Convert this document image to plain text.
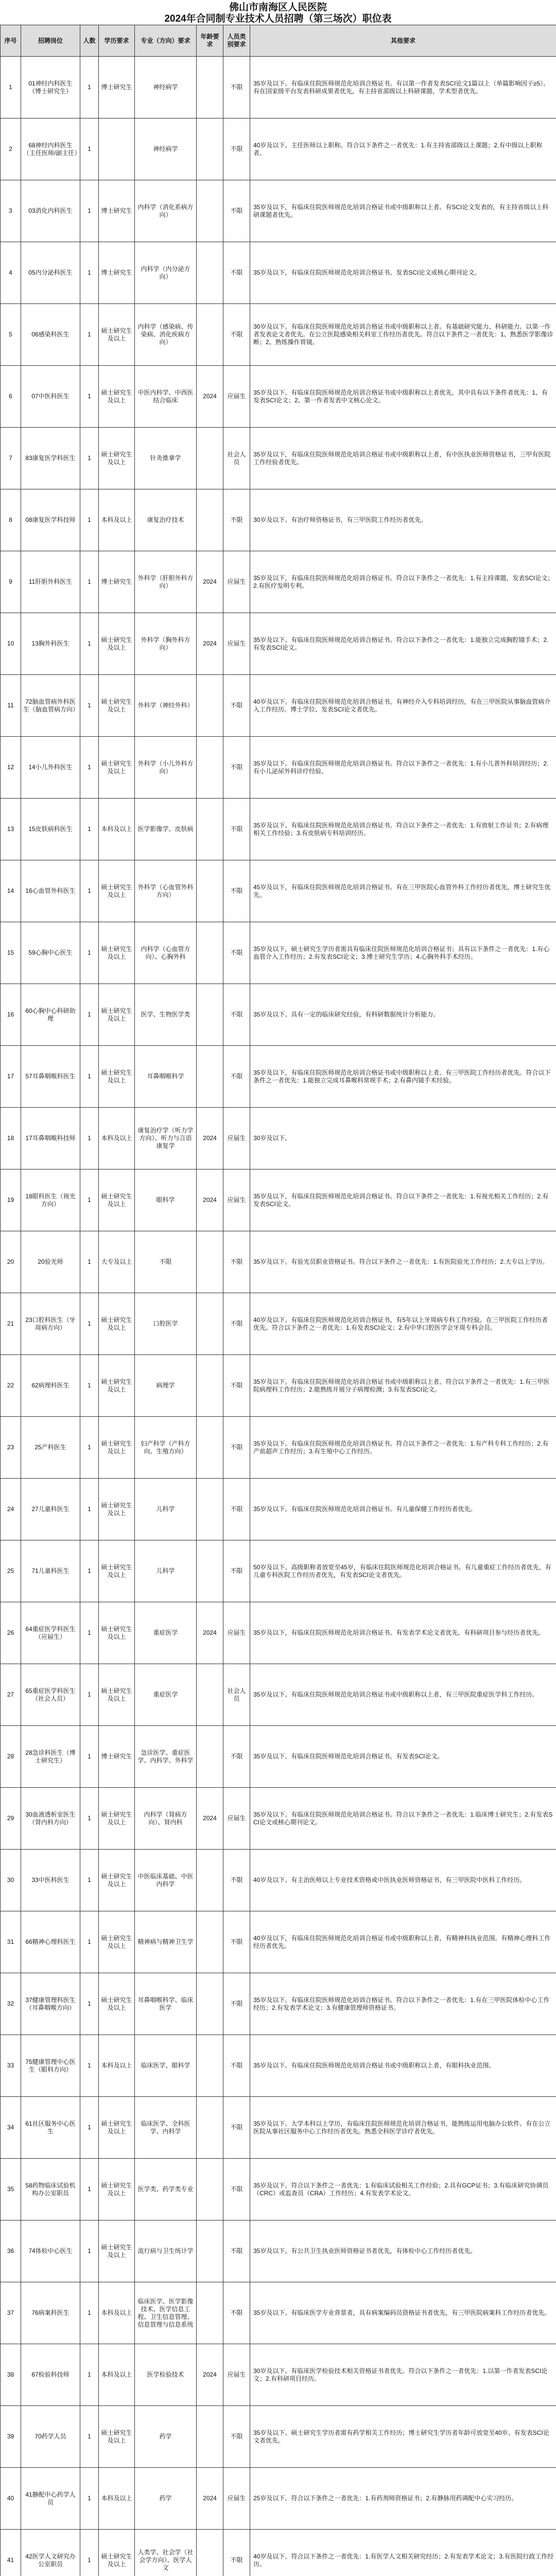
佛山市南海区人民医院
2024年合同制专业技术人员招聘（第三场次）职位表
序号	招聘岗位	人数	学历要求	专业（方向）要求	年龄要求	人员类别要求	其他要求
1	01神经内科医生（博士研究生）	1	博士研究生	神经病学		不限	35岁及以下。有临床住院医师规范化培训合格证书。有以第一作者发表SCI论文1篇以上（单篇影响因子≥5）。有在国家级平台发表科研成果者优先，有主持省部级以上科研课题，学术型者优先。
2	68神经内科医生（主任医师/副主任）	1		神经病学		不限	40岁及以下。主任医师以上职称。符合以下条件之一者优先：1.有主持省部级以上课题；2.有中级以上职称者。
3	03消化内科医生	1	博士研究生	内科学（消化系病方向）		不限	35岁及以下，有临床住院医师规范化培训合格证书或中级职称以上者。有SCI论文发表的，有主持省级以上科研课题者优先。
4	05内分泌科医生	1	博士研究生	内科学（内分泌方向）		不限	35岁及以下，有临床住院医师规范化培训合格证书。发表SCI论文或核心期刊论文。
5	06感染科医生	1	硕士研究生及以上	内科学（感染病、传染病、消化疾病方向）		不限	30岁及以下。有临床住院医师规范化培训合格证书或中级职称以上者。有基础研究能力、科研能力。以第一作者发表论文者优先。在公立医院感染相关科室工作经历者优先。符合以下条件之一者优先：1、熟悉医学影像诊断；2、熟练操作胃镜。
6	07中医科医生	1	硕士研究生及以上	中医内科学、中西医结合临床	2024	应届生	35岁及以下。有临床住院医师规范化培训合格证书或中级职称以上者优先，其中具有以下条件者优先：1、有发表SCI论文；2、第一作者发表中文核心论文。
7	83康复医学科医生	1	硕士研究生及以上	针灸推拿学		社会人员	35岁及以下，有临床住院医师规范化培训合格证书或中级职称以上者，有中医执业医师资格证书，三甲有医院工作经验者优先。
8	08康复医学科技师	1	本科及以上	康复治疗技术		不限	30岁及以下。有治疗师资格证书，有三甲医院工作经历者优先。
9	11肝胆外科医生	1	博士研究生	外科学（肝胆外科方向）	2024	应届生	35岁及以下，有临床住院医师规范化培训合格证书。符合以下条件之一者优先：1.有主持课题，发表SCI论文；2.有医疗发明专利。
10	13胸外科医生	1	硕士研究生及以上	外科学（胸外科方向）	2024	应届生	35岁及以下。有临床住院医师规范化培训合格证书。符合以下条件之一者优先：1.能独立完成胸腔镜手术；2.有发表SCI论文。
11	72脑血管病外科医生（脑血管病方向）	1	硕士研究生及以上	外科学（神经外科）		不限	40岁及以下。有临床住院医师规范化培训合格证书，有神经介入专科培训经历，有在三甲医院从事脑血管病介入工作经历。博士学位、发表SCI论文者优先。
12	14小儿外科医生	1	硕士研究生及以上	外科学（小儿外科方向）		不限	35岁及以下。有临床住院医师规范化培训合格证书。符合以下条件之一者优先：1.有小儿普外科培训经历；2.有小儿泌尿外科诊疗经验。
13	15皮肤病科医生	1	本科及以上	医学影像学、皮肤病		不限	35岁及以下。有临床住院医师规范化培训合格证书。符合以下条件之一者优先：1.有放射工作证书；2.有病理相关工作经验；3.有皮肤病专科培训经历。
14	16心血管外科医生	1	硕士研究生及以上	外科学（心血管外科方向）		不限	45岁及以下，有临床住院医师规范化培训合格证书。有在三甲医院心血管外科工作经历者优先，博士研究生优先。
15	59心胸中心医生	1	硕士研究生及以上	内科学（心血管方向）、心胸外科		不限	35岁及以下，硕士研究生学历者需具有临床住院医师规范化培训合格证书；具有以下条件之一者优先：1.有心血管介入工作经历；2.有发表SCI论文；3.博士研究生学历；4.心胸外科手术经历。
16	60心胸中心科研助理	1	硕士研究生及以上	医学、生物医学类		不限	35岁及以下。具有一定的临床研究经验，有科研数据统计分析能力。
17	57耳鼻咽喉科医生	1	硕士研究生及以上	耳鼻咽喉科学		不限	35岁及以下，有临床住院医师规范化培训合格证书或中级职称以上者。有三甲医院工作经历者优先。符合以下条件之一者优先：1.能独立完成耳鼻喉科常规手术；2.有鼻内镜手术经验。
18	17耳鼻咽喉科技师	1	本科及以上	康复治疗学（听力学方向）、听力与言语康复学	2024	应届生	30岁及以下。
19	18眼科医生（视光方向）	1	硕士研究生及以上	眼科学	2024	应届生	35岁及以下，有临床住院医师规范化培训合格证书。符合以下条件之一者优先：1.有视光相关工作经历；2.有发表SCI论文。
20	20验光师	1	大专及以上	不限		不限	35岁及以下。有验光员职业资格证书。符合以下条件之一者优先：1.有医院验光工作经历；2.大专以上学历。
21	23口腔科医生（牙周病方向）	1	硕士研究生及以上	口腔医学		不限	40岁及以下。有临床住院医师规范化培训合格证书，有5年以上牙周病专科工作经验。在三甲医院工作经历者优先。符合以下条件之一者优先：1.有发表SCI论文；2.有中华口腔医学会牙周专科会员。
22	62病理科医生	1	硕士研究生及以上	病理学		不限	35岁及以下。有临床住院医师规范化培训合格证书或中级职称以上者。符合以下条件之一者优先：1.有三甲医院病理科工作经历；2.能熟练开展分子病理检测；3.有发表SCI论文。
23	25产科医生	1	硕士研究生及以上	妇产科学（产科方向、生殖方向）		不限	35岁及以下。有临床住院医师规范化培训合格证书。符合以下条件之一者优先：1.有产科专科工作经历；2.有产前超声工作经历；3.有生殖中心工作经历。
24	27儿童科医生	1	硕士研究生及以上	儿科学		不限	35岁及以下。有临床住院医师规范化培训合格证书。有儿童保健工作经历者优先。
25	71儿童科医生	1	硕士研究生及以上	儿科学		不限	50岁及以下。高级职称者放宽至45岁，有临床住院医师规范化培训合格证书。有儿童重症工作经历者优先，有儿童专科医院工作经历者优先，有发表SCI论文者优先。
26	64重症医学科医生（应届生）	1	硕士研究生及以上	重症医学	2024	应届生	35岁及以下，有临床住院医师规范化培训合格证书。有发表学术论文者优先。有科研项目参与经历者优先。
27	65重症医学科医生（社会人员）	1	硕士研究生及以上	重症医学		社会人员	35岁及以下。有临床住院医师规范化培训合格证书或中级职称以上者，有三甲医院重症医学科工作经历。
28	28急诊科医生（博士研究生）	1	博士研究生	急诊医学、重症医学、内科学、外科学		不限	35岁及以下。有临床住院医师规范化培训合格证书，有发表SCI论文。
29	30血液透析室医生（肾内科方向）	1	硕士研究生及以上	内科学（肾病方向）、肾内科	2024	应届生	35岁及以下。有临床住院医师规范化培训合格证书。符合以下条件之一者优先：1.临床博士研究生；2.有发表SCI论文或核心期刊论文。
30	33中医科医生	1	硕士研究生及以上	中医临床基础、中医内科学		不限	40岁及以下。有主治医师以上专业技术资格或中医执业医师资格证书，有三甲医院中医科工作经历。
31	66精神心理科医生	1	硕士研究生及以上	精神病与精神卫生学		不限	40岁及以下，有临床住院医师规范化培训合格证书或中级职称以上者，有精神科执业范围。有精神心理科工作经历者优先。
32	37健康管理科医生（耳鼻咽喉方向）	1	硕士研究生及以上	耳鼻咽喉科学、临床医学		不限	35岁及以下。有临床住院医师规范化培训合格证书。符合以下条件之一者优先：1.有在三甲医院体检中心工作经历；2.有发表学术论文；3.有健康管理师资格证书。
33	75健康管理中心医生（眼科方向）	1	本科及以上	临床医学、眼科学		不限	35岁及以下。有临床住院医师规范化培训合格证书或中级职称以上者，有眼科执业范围。
34	61社区服务中心医生	1	硕士研究生及以上	临床医学、全科医学、内科学		不限	35岁及以下。大学本科以上学历，有临床住院医师规范化培训合格证书，能熟练运用电脑办公软件。有在公立医院从事社区服务中心工作经历者优先。熟悉全科医学诊疗者优先。
35	58药物临床试验机构办公室职员	1	硕士研究生及以上	医学类、药学类专业		不限	35岁及以下。符合以下条件之一者优先：1.有临床试验相关工作经验；2.具有GCP证书；3.有临床研究协调员（CRC）或监查员（CRA）工作经历；4.有发表学术论文。
36	74体检中心医生	1	硕士研究生及以上	流行病与卫生统计学		不限	35岁及以下。有公共卫生执业医师资格证书者优先，有体检中心工作经历者优先。
37	76病案科医生	1	本科及以上	临床医学、医学影像技术、医学信息工程、卫生信息管理、信息管理与信息系统		不限	35岁及以下。有临床医学专业背景者，具有病案编码员资格证书者优先，有三甲医院病案科工作经历者优先。
38	67检验科技师	1	本科及以上	医学检验技术	2024	应届生	30岁及以下。有临床医学检验技术相关资格证书者优先。符合以下条件之一者优先：1.以第一作者发表SCI论文；2.有科研项目经历。
39	70药学人员	1	硕士研究生及以上	药学		不限	35岁及以下。硕士研究生学历者需有药学相关工作经历；博士研究生学历者年龄可放宽至40岁。有发表SCI论文者优先。
40	41静配中心药学人员	1	本科及以上	药学	2024	应届生	25岁及以下。符合以下条件之一者优先：1.有药剂师资格证书；2.有静脉用药调配中心实习经历。
41	42医学人文研究办公室职员	1	硕士研究生及以上	人类学、社会学（社会学方向）、医学人文		不限	40岁及以下。符合以下条件之一者优先：1.有医学人文相关研究经历；2.有发表学术论文；3.有医院行政工作经历。
